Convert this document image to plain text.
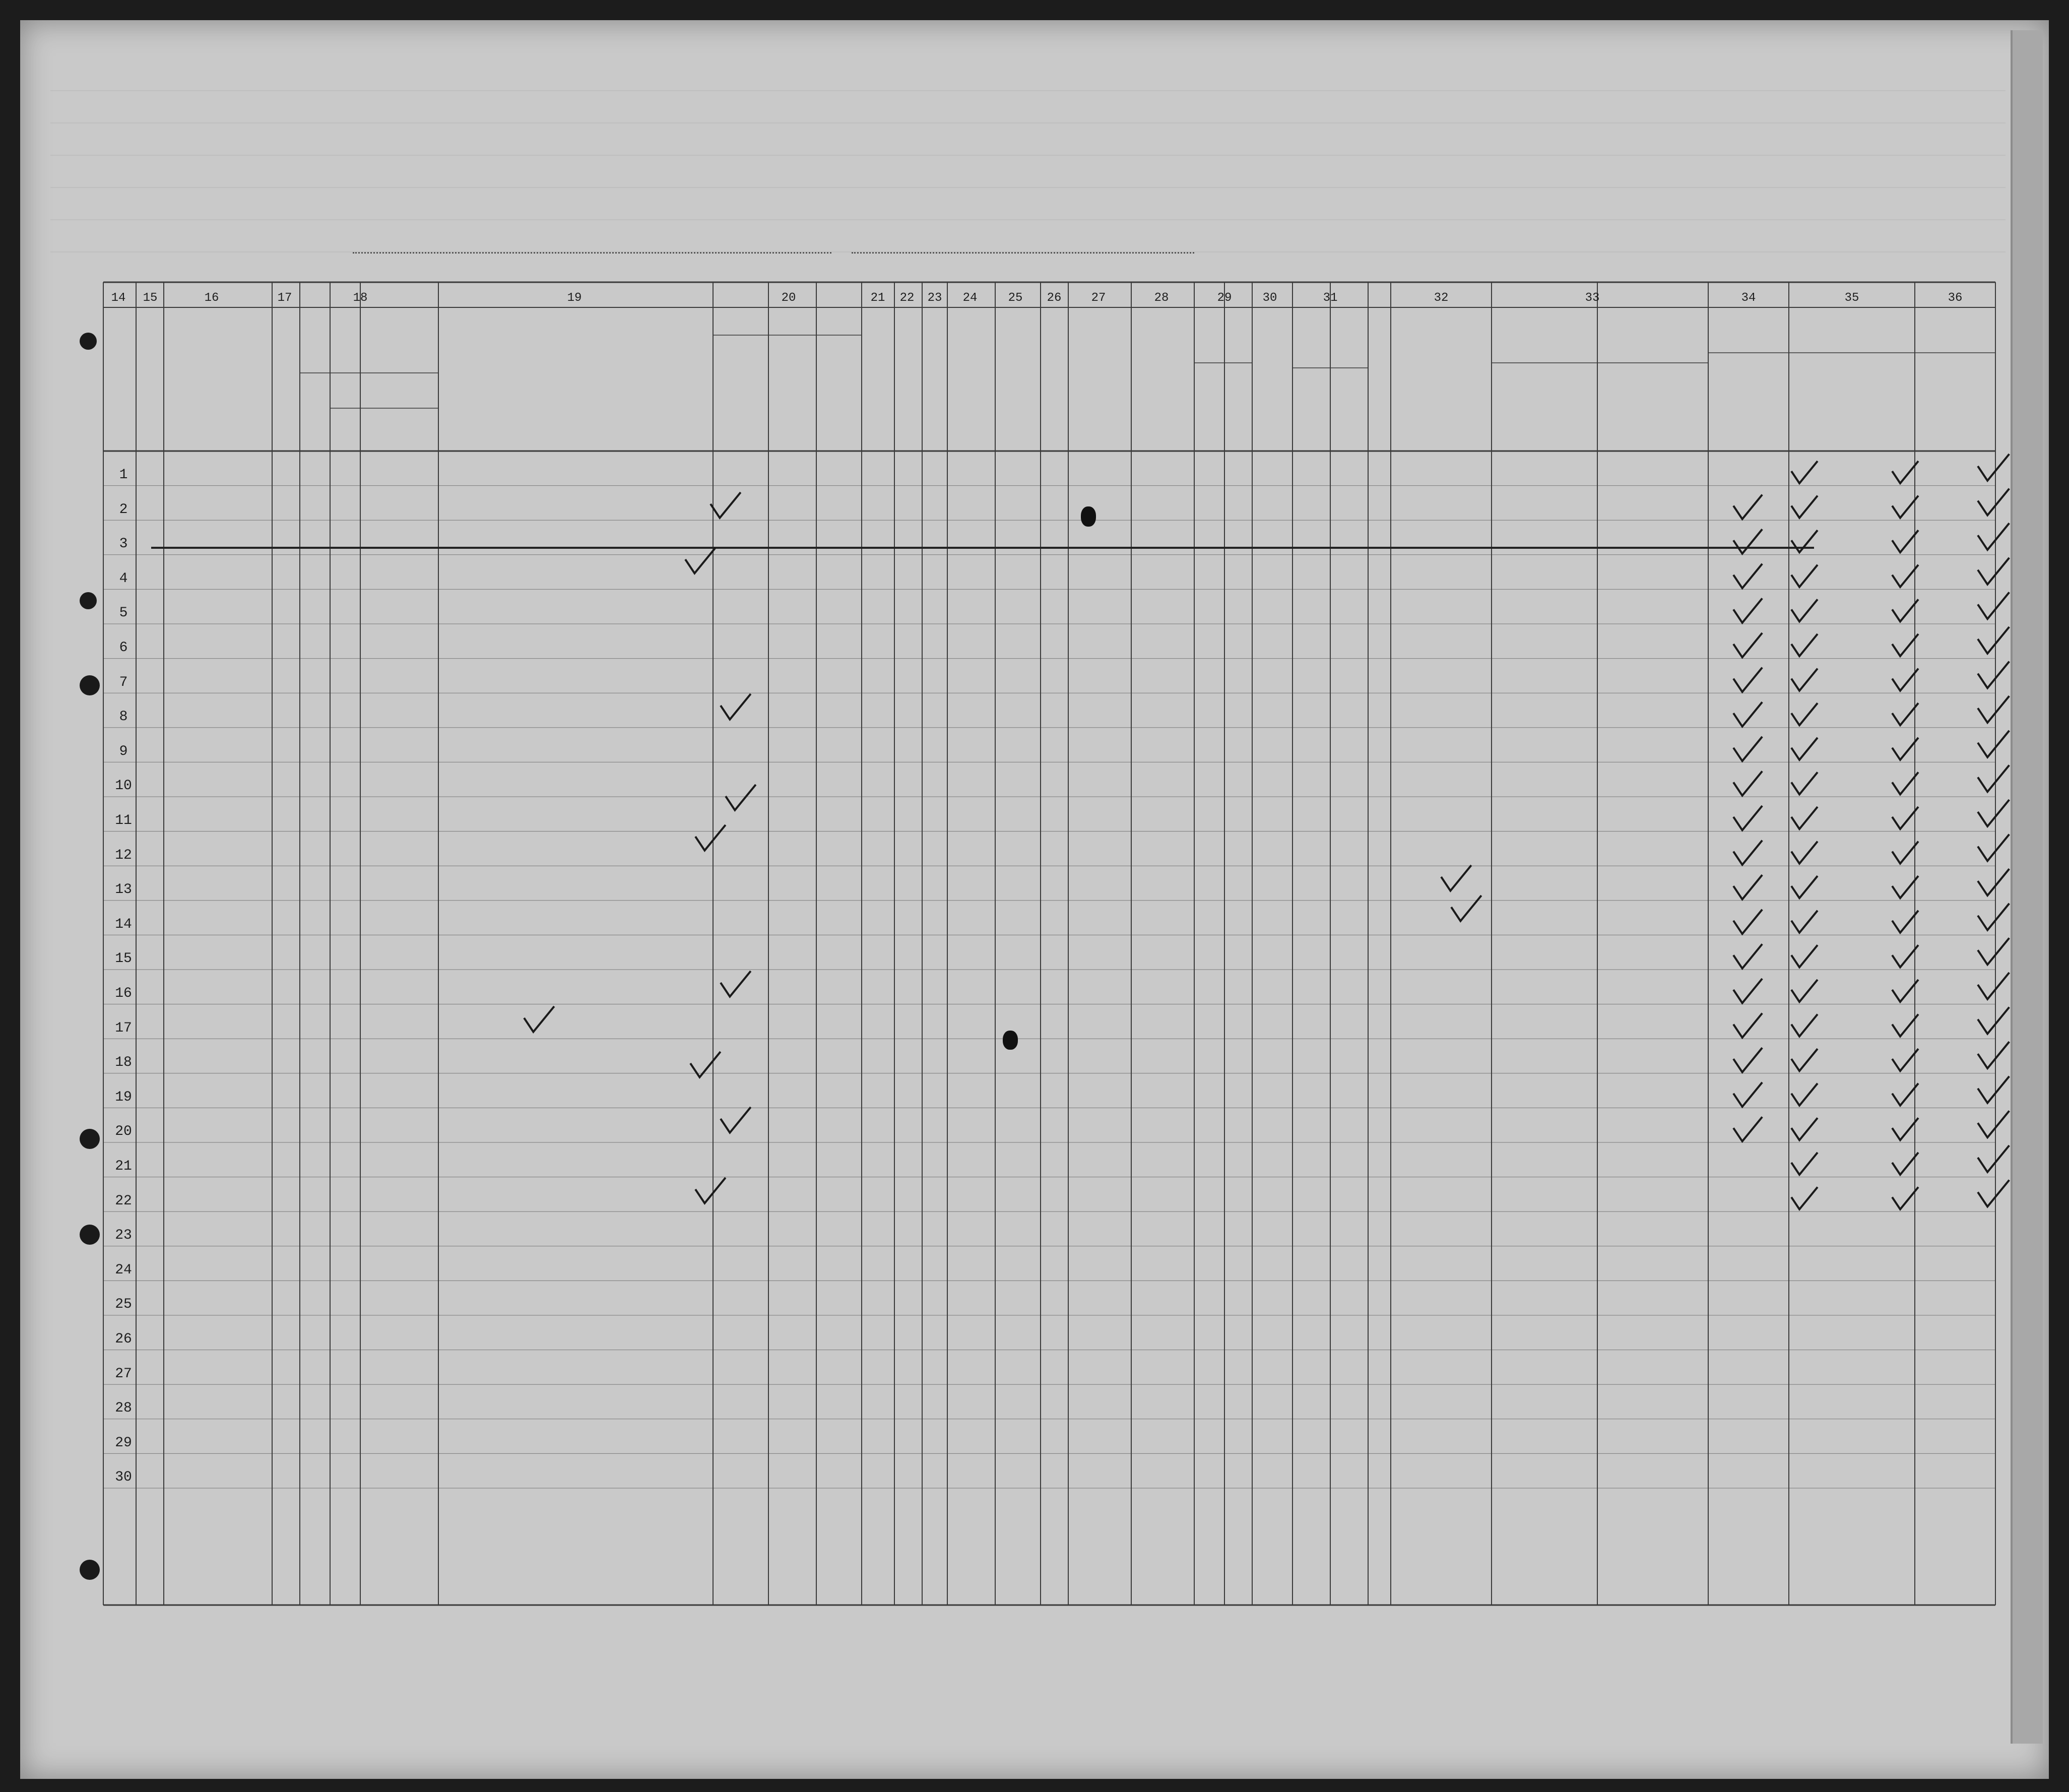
14	15	16	17	18	19	20	21	22	23	24	25	26	27	28	29	30	31	32	33	34	35	36
1
2
3
4
5
6
7
8
9
10
11
12
13
14
15
16
17
18
19
20
21
22
23
24
25
26
27
28
29
30
